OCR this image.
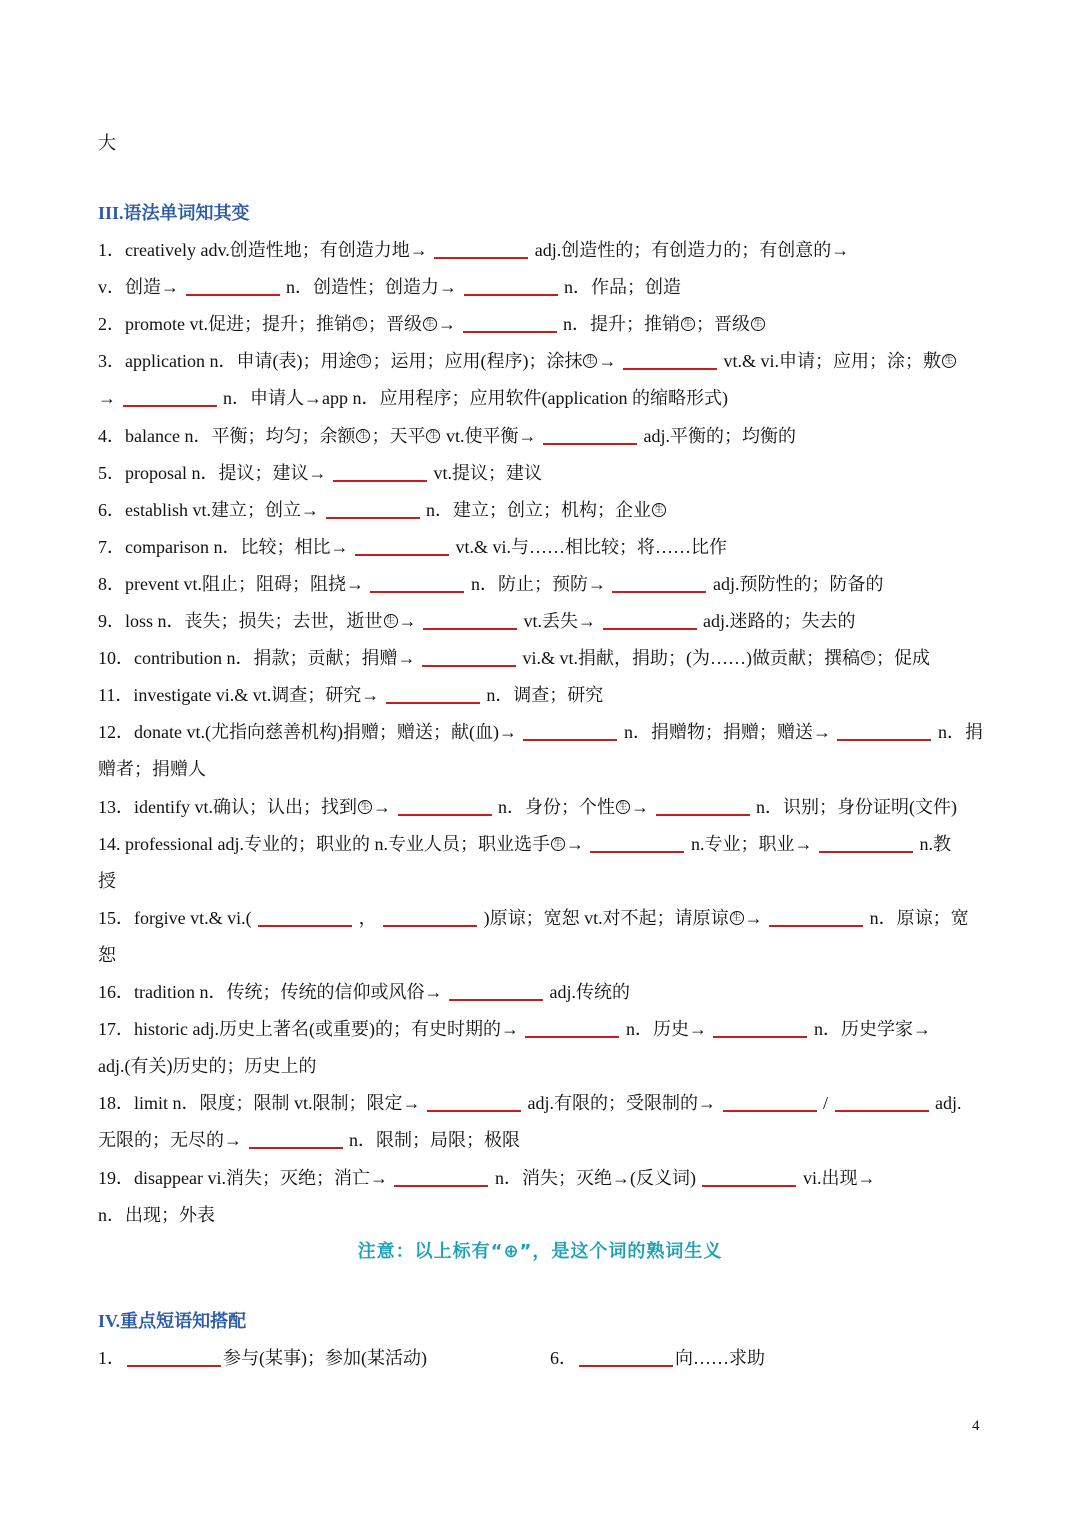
大
III.语法单词知其变
1．creatively adv.创造性地；有创造力地→	adj.创造性的；有创造力的；有创意的→
v．创造→	n．创造性；创造力→	n．作品；创造
2．promote vt.促进；提升；推销 生 ；晋级 生 →	n．提升；推销 生 ；晋级 生
3．application n．申请(表)；用途 生 ；运用；应用(程序)；涂抹 生 →	vt.& vi.申请；应用；涂；敷 生
→	n．申请人→app n．应用程序；应用软件(application 的缩略形式)
4．balance n．平衡；均匀；余额 生 ；天平 生 vt.使平衡→	adj.平衡的；均衡的
5．proposal n．提议；建议→	vt.提议；建议
6．establish vt.建立；创立→	n．建立；创立；机构；企业 生
7．comparison n．比较；相比→	vt.& vi.与……相比较；将……比作
8．prevent vt.阻止；阻碍；阻挠→	n．防止；预防→	adj.预防性的；防备的
9．loss n．丧失；损失；去世，逝世 生 →	vt.丢失→	adj.迷路的；失去的
10．contribution n．捐款；贡献；捐赠→	vi.& vt.捐献，捐助；(为……)做贡献；撰稿 生 ；促成
11．investigate vi.& vt.调查；研究→	n．调查；研究
12．donate vt.(尤指向慈善机构)捐赠；赠送；献(血)→	n．捐赠物；捐赠；赠送→	n．捐
赠者；捐赠人
13．identify vt.确认；认出；找到 生 →	n．身份；个性 生 →	n．识别；身份证明(文件)
14. professional adj.专业的；职业的 n.专业人员；职业选手 生 →	n.专业；职业→	n.教
授
15．forgive vt.& vi.(	，	)原谅；宽恕 vt.对不起；请原谅 生 →	n．原谅；宽
恕
16．tradition n．传统；传统的信仰或风俗→	adj.传统的
17．historic adj.历史上著名(或重要)的；有史时期的→	n．历史→	n．历史学家→
adj.(有关)历史的；历史上的
18．limit n．限度；限制 vt.限制；限定→	adj.有限的；受限制的→	/	adj.
无限的；无尽的→	n．限制；局限；极限
19．disappear vi.消失；灭绝；消亡→	n．消失；灭绝→(反义词)	vi.出现→
n．出现；外表
注意：以上标有“⊕”，是这个词的熟词生义
IV.重点短语知搭配
1．	参与(某事)；参加(某活动)	6．	向……求助
4
